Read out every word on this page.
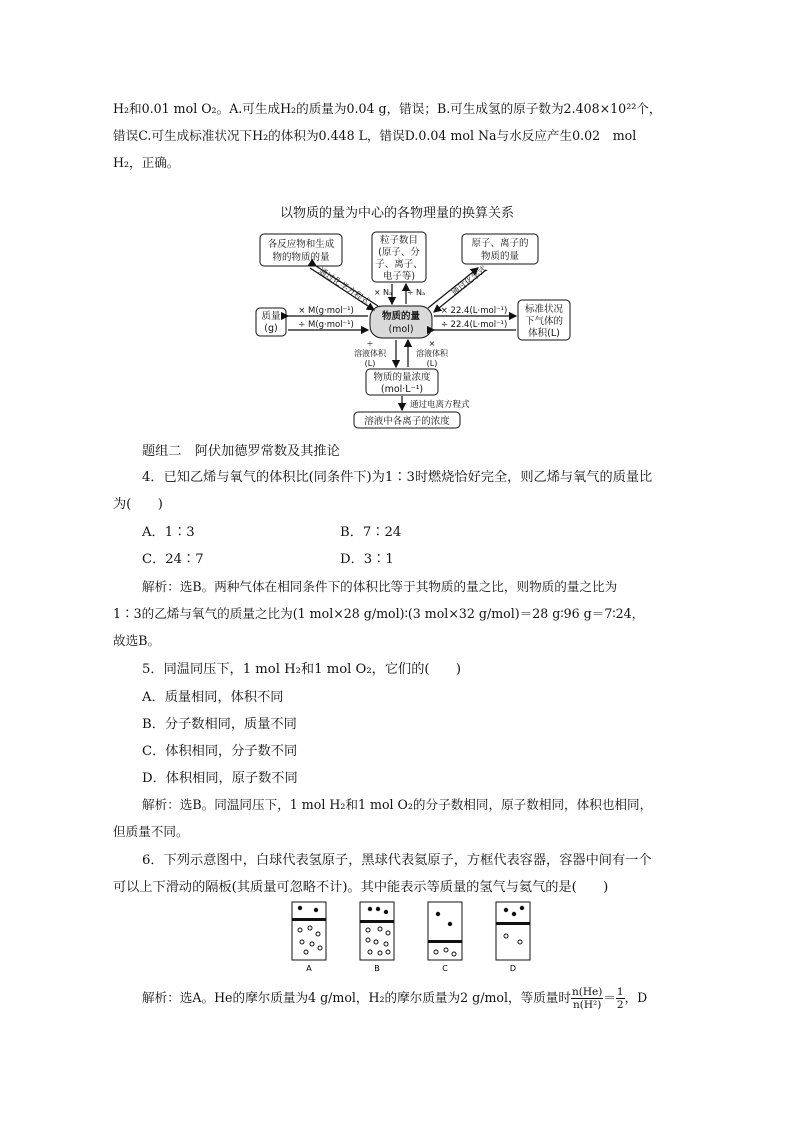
H₂和0.01 mol O₂。A.可生成H₂的质量为0.04 g，错误；B.可生成氢的原子数为2.408×10²²个，
错误C.可生成标准状况下H₂的体积为0.448 L，错误D.0.04 mol Na与水反应产生0.02　mol
H₂，正确。
以物质的量为中心的各物理量的换算关系
各反应物和生成
物的物质的量
粒子数目
(原子、分
子、离子、
电子等)
原子、离子的
物质的量
质量
(g)
物质的量
(mol)
标准状况
下气体的
体积(L)
物质的量浓度
(mol·L⁻¹)
溶液中各离子的浓度
通过化学方程式 × Nₐ ÷ Nₐ	通过化学式
× M(g·mol⁻¹)
÷ M(g·mol⁻¹)
× 22.4(L·mol⁻¹)
÷ 22.4(L·mol⁻¹)
÷
溶液体积
(L)
×
溶液体积
(L)
通过电离方程式
题组二　阿伏加德罗常数及其推论
4．已知乙烯与氧气的体积比(同条件下)为1∶3时燃烧恰好完全，则乙烯与氧气的质量比
为(　　)
A．1∶3	B．7∶24
C．24∶7	D．3∶1
解析：选B。两种气体在相同条件下的体积比等于其物质的量之比，则物质的量之比为
1∶3的乙烯与氧气的质量之比为(1 mol×28 g/mol)∶(3 mol×32 g/mol)＝28 g∶96 g＝7∶24，
故选B。
5．同温同压下，1 mol H₂和1 mol O₂，它们的(　　)
A．质量相同，体积不同
B．分子数相同，质量不同
C．体积相同，分子数不同
D．体积相同，原子数不同
解析：选B。同温同压下，1 mol H₂和1 mol O₂的分子数相同，原子数相同，体积也相同，
但质量不同。
6．下列示意图中，白球代表氢原子，黑球代表氦原子，方框代表容器，容器中间有一个
可以上下滑动的隔板(其质量可忽略不计)。其中能表示等质量的氢气与氦气的是(　　)
A	B	C	D
解析：选A。He的摩尔质量为4 g/mol，H₂的摩尔质量为2 g/mol，等质量时 $\frac{n(He)}{\text{n(H²)}} = \frac{1}{2}$ ，D
